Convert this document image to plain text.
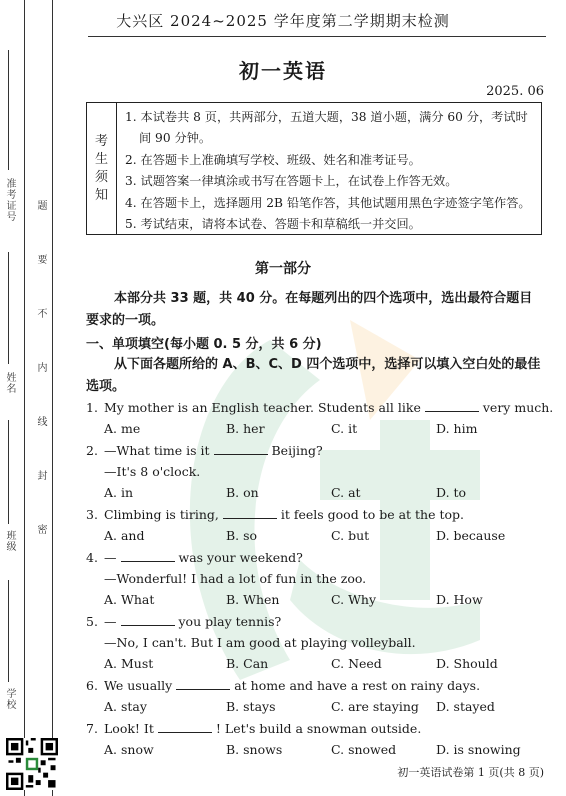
准考证号
姓名
班级
学校
密
封
线
内
不
要
题
大兴区 2024~2025 学年度第二学期期末检测
初一英语
2025. 06
考
生
须
知
1. 本试卷共 8 页，共两部分，五道大题，38 道小题，满分 60 分，考试时间 90 分钟。
2. 在答题卡上准确填写学校、班级、姓名和准考证号。
3. 试题答案一律填涂或书写在答题卡上，在试卷上作答无效。
4. 在答题卡上，选择题用 2B 铅笔作答，其他试题用黑色字迹签字笔作答。
5. 考试结束，请将本试卷、答题卡和草稿纸一并交回。
第一部分
本部分共 33 题，共 40 分。在每题列出的四个选项中，选出最符合题目要求的一项。
一、单项填空(每小题 0. 5 分，共 6 分)
从下面各题所给的 A、B、C、D 四个选项中，选择可以填入空白处的最佳选项。
1. My mother is an English teacher. Students all like	very much.
A. me	B. her	C. it	D. him
2. —What time is it	Beijing?
—It's 8 o'clock.
A. in	B. on	C. at	D. to
3. Climbing is tiring,	it feels good to be at the top.
A. and	B. so	C. but	D. because
4. —	was your weekend?
—Wonderful! I had a lot of fun in the zoo.
A. What	B. When	C. Why	D. How
5. —	you play tennis?
—No, I can't. But I am good at playing volleyball.
A. Must	B. Can	C. Need	D. Should
6. We usually	at home and have a rest on rainy days.
A. stay	B. stays	C. are staying D. stayed
7. Look! It	! Let's build a snowman outside.
A. snow	B. snows	C. snowed	D. is snowing
初一英语试卷第 1 页(共 8 页)
